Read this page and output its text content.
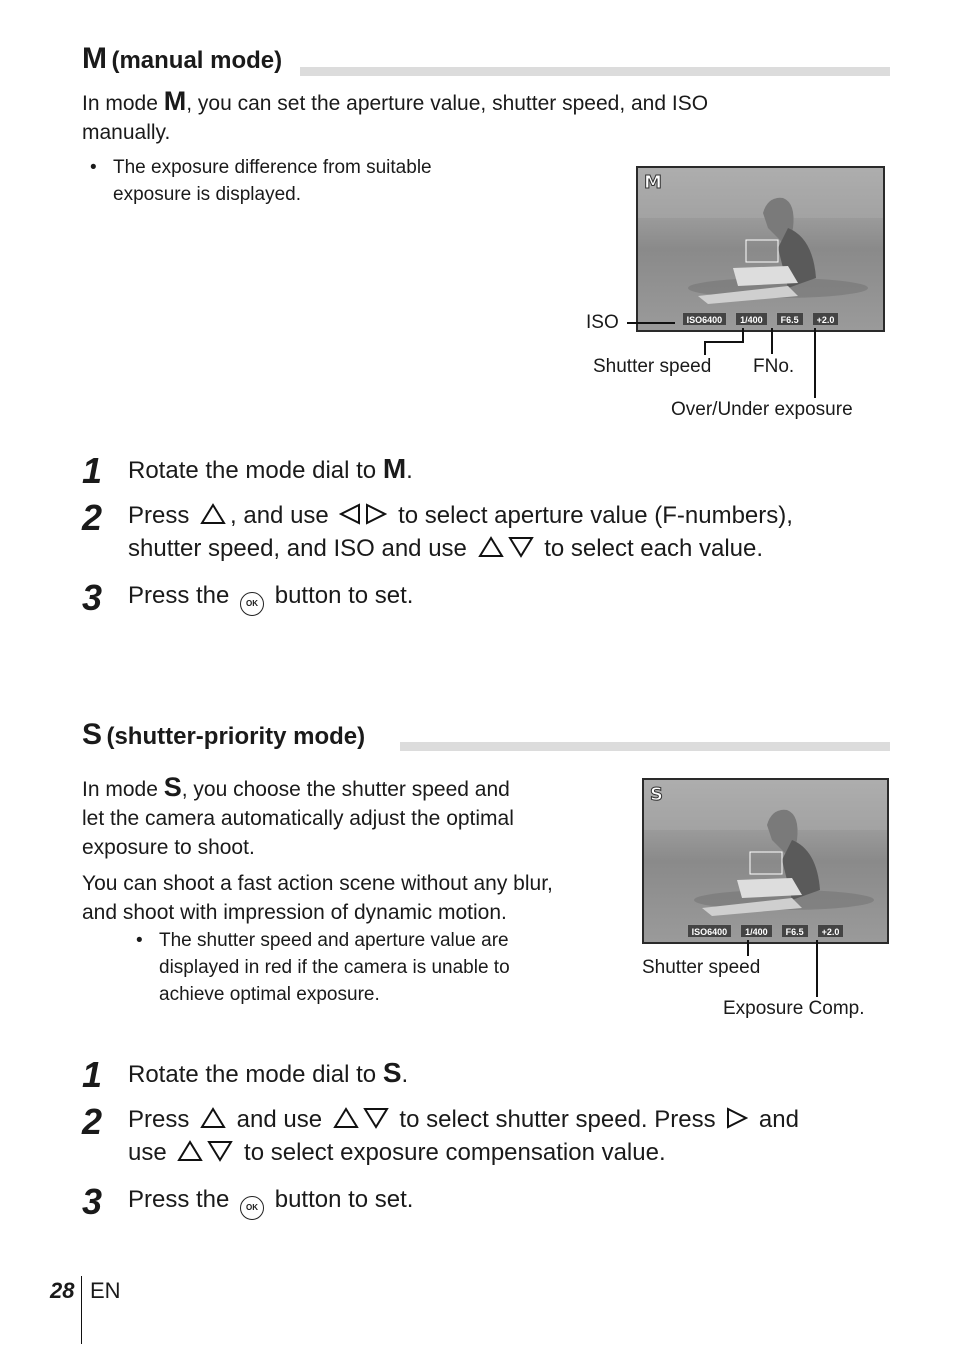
M (manual mode)
In mode M, you can set the aperture value, shutter speed, and ISO
manually.
• The exposure difference from suitable
exposure is displayed.
M
ISO6400	1/400	F6.5	+2.0
ISO
Shutter speed FNo.
Over/Under exposure
1 Rotate the mode dial to M.
2 Press , and use  to select aperture value (F-numbers),
shutter speed, and ISO and use	to select each value.
3 Press the OK button to set.
S (shutter-priority mode)
In mode S, you choose the shutter speed and
let the camera automatically adjust the optimal
exposure to shoot.
You can shoot a fast action scene without any blur,
and shoot with impression of dynamic motion.
• The shutter speed and aperture value are
displayed in red if the camera is unable to
achieve optimal exposure.
S
ISO6400	1/400	F6.5	+2.0
Shutter speed
Exposure Comp.
1 Rotate the mode dial to S.
2 Press  and use	to select shutter speed. Press  and
use	to select exposure compensation value.
3 Press the OK button to set.
28 EN
